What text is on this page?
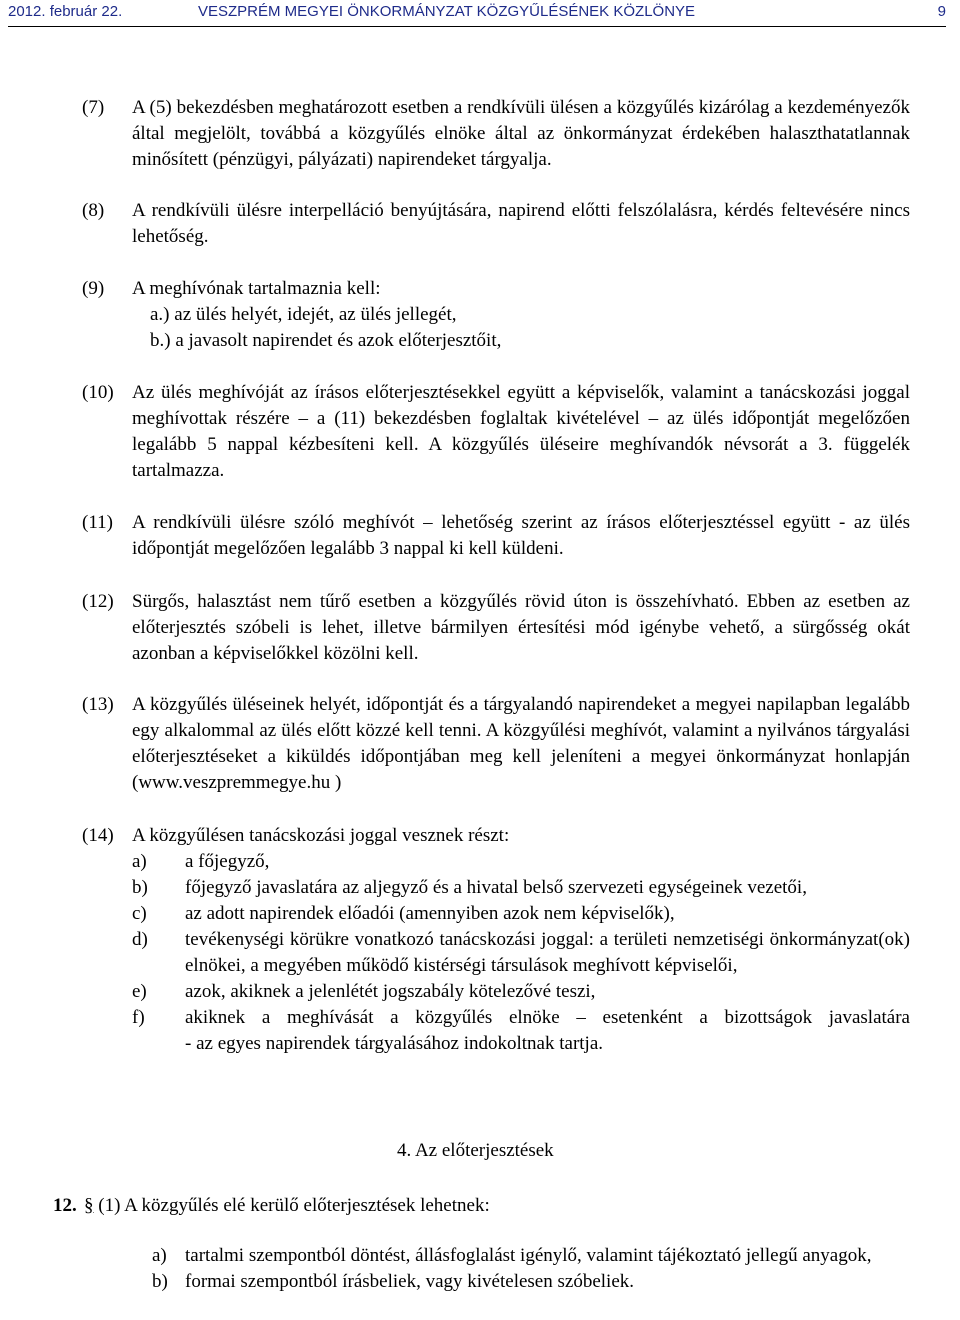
2012. február 22.	VESZPRÉM MEGYEI ÖNKORMÁNYZAT KÖZGYŰLÉSÉNEK KÖZLÖNYE	9
(7) A (5) bekezdésben meghatározott esetben a rendkívüli ülésen a közgyűlés kizárólag a kezdeményezők által megjelölt, továbbá a közgyűlés elnöke által az önkormányzat érdekében halaszthatatlannak minősített (pénzügyi, pályázati) napirendeket tárgyalja.
(8) A rendkívüli ülésre interpelláció benyújtására, napirend előtti felszólalásra, kérdés feltevésére nincs lehetőség.
(9) A meghívónak tartalmaznia kell:
a.) az ülés helyét, idejét, az ülés jellegét,
b.) a javasolt napirendet és azok előterjesztőit,
(10) Az ülés meghívóját az írásos előterjesztésekkel együtt a képviselők, valamint a tanácskozási joggal meghívottak részére – a (11) bekezdésben foglaltak kivételével – az ülés időpontját megelőzően legalább 5 nappal kézbesíteni kell. A közgyűlés üléseire meghívandók névsorát a 3. függelék tartalmazza.
(11) A rendkívüli ülésre szóló meghívót – lehetőség szerint az írásos előterjesztéssel együtt - az ülés időpontját megelőzően legalább 3 nappal ki kell küldeni.
(12) Sürgős, halasztást nem tűrő esetben a közgyűlés rövid úton is összehívható. Ebben az esetben az előterjesztés szóbeli is lehet, illetve bármilyen értesítési mód igénybe vehető, a sürgősség okát azonban a képviselőkkel közölni kell.
(13) A közgyűlés üléseinek helyét, időpontját és a tárgyalandó napirendeket a megyei napilapban legalább egy alkalommal az ülés előtt közzé kell tenni. A közgyűlési meghívót, valamint a nyilvános tárgyalási előterjesztéseket a kiküldés időpontjában meg kell jeleníteni a megyei önkormányzat honlapján (www.veszpremmegye.hu )
(14) A közgyűlésen tanácskozási joggal vesznek részt:
a) a főjegyző,
b) főjegyző javaslatára az aljegyző és a hivatal belső szervezeti egységeinek vezetői,
c) az adott napirendek előadói (amennyiben azok nem képviselők),
d) tevékenységi körükre vonatkozó tanácskozási joggal: a területi nemzetiségi önkormányzat(ok) elnökei, a megyében működő kistérségi társulások meghívott képviselői,
e) azok, akiknek a jelenlétét jogszabály kötelezővé teszi,
f) akiknek a meghívását a közgyűlés elnöke – esetenként a bizottságok javaslatára
- az egyes napirendek tárgyalásához indokoltnak tartja.
4. Az előterjesztések
12. § (1) A közgyűlés elé kerülő előterjesztések lehetnek:
a) tartalmi szempontból döntést, állásfoglalást igénylő, valamint tájékoztató jellegű anyagok,
b) formai szempontból írásbeliek, vagy kivételesen szóbeliek.
